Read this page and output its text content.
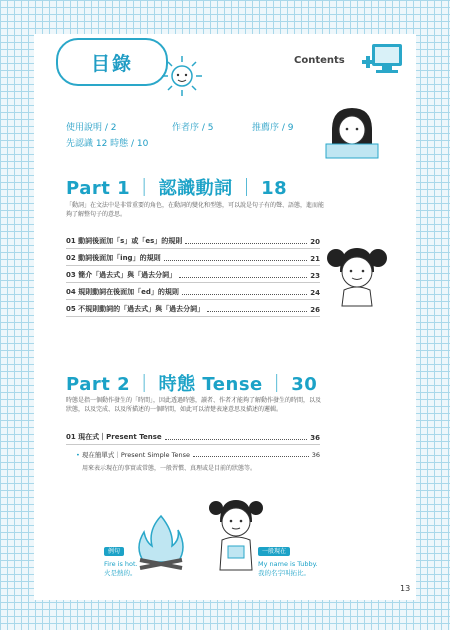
目錄	Contents
使用說明 / 2	作者序 / 5	推薦序 / 9
先認識 12 時態 / 10
Part 1 ｜ 認識動詞 ｜ 18
「動詞」在文法中是非常重要的角色，在動詞的變化和型態，可以說是句子有的聲、語態，進而能夠了解整句子的意思。
01 動詞後面加「s」或「es」的規則	20
02 動詞後面加「ing」的規則	21
03 簡介「過去式」與「過去分詞」	23
04 規則動詞在後面加「ed」的規則	24
05 不規則動詞的「過去式」與「過去分詞」	26
Part 2 ｜ 時態 Tense ｜ 30
時態是指一個動作發生的「時間」，因此透過時態，讀者、作者才能夠了解動作發生的時間，以及狀態，以及完成、以及所描述的一個時間，如此可以清楚表達意思及描述的邏輯。
01 現在式｜Present Tense	36
• 現在簡單式｜Present Simple Tense	36
用來表示現在的事實或常態，一般習慣、真理或是目前的狀態等。
例句
Fire is hot.
火是熱的。
一般現在
My name is Tubby.
我的名字叫拓比。
13
